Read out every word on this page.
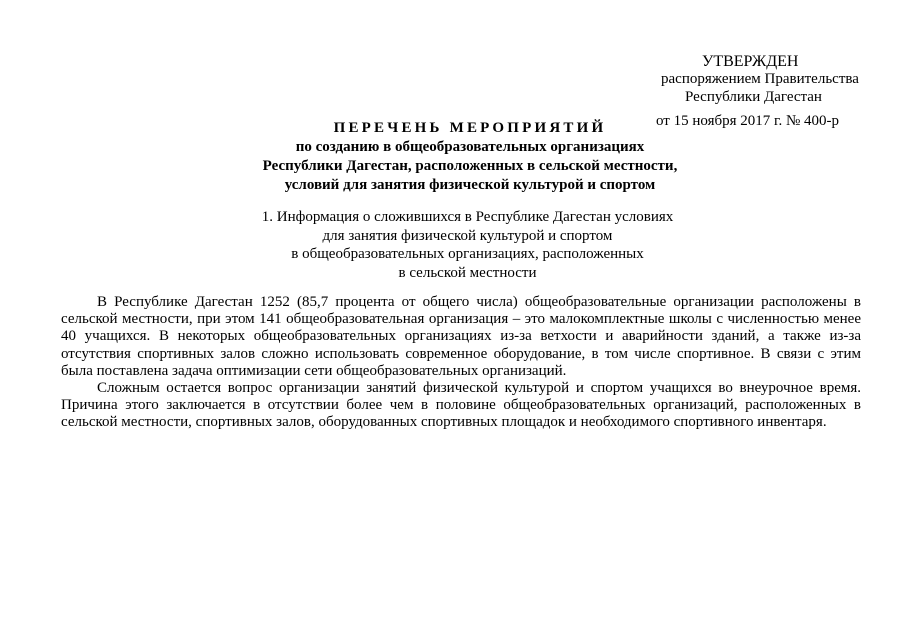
УТВЕРЖДЕН
распоряжением Правительства
Республики Дагестан
от 15 ноября 2017 г. № 400-р
ПЕРЕЧЕНЬ МЕРОПРИЯТИЙ
по созданию в общеобразовательных организациях
Республики Дагестан, расположенных в сельской местности,
условий для занятия физической культурой и спортом
1. Информация о сложившихся в Республике Дагестан условиях
для занятия физической культурой и спортом
в общеобразовательных организациях, расположенных
в сельской местности
В Республике Дагестан 1252 (85,7 процента от общего числа) общеобразовательные организации расположены в
сельской местности, при этом 141 общеобразовательная организация – это малокомплектные школы с численностью менее
40 учащихся. В некоторых общеобразовательных организациях из-за ветхости и аварийности зданий, а также из-за
отсутствия спортивных залов сложно использовать современное оборудование, в том числе спортивное. В связи с этим
была поставлена задача оптимизации сети общеобразовательных организаций.
Сложным остается вопрос организации занятий физической культурой и спортом учащихся во внеурочное время.
Причина этого заключается в отсутствии более чем в половине общеобразовательных организаций, расположенных в
сельской местности, спортивных залов, оборудованных спортивных площадок и необходимого спортивного инвентаря.
